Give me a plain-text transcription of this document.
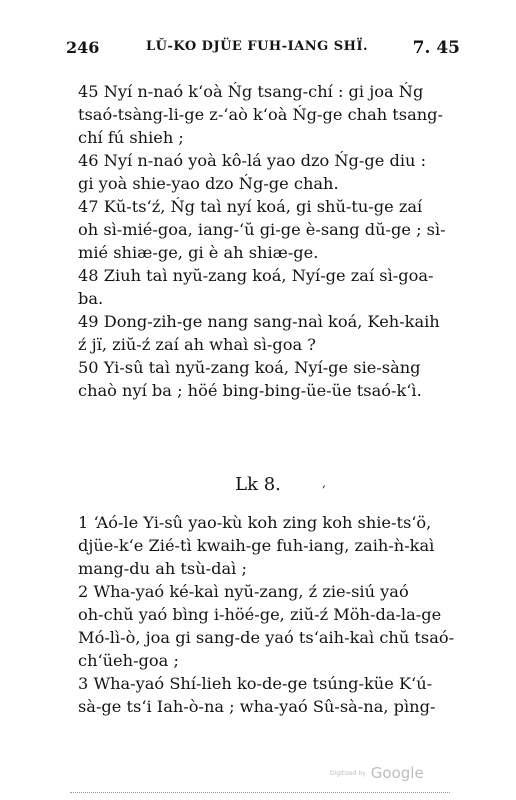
246	LŬ-KO DJÜE FUH-IANG SHÏ.	7. 45

45 Nyí n-naó k‘oà Ńg tsang-chí : gi joa Ńg

tsaó-tsàng-li-ge z-‘aò k‘oà Ńg-ge chah tsang-

chí fú shieh ;

46 Nyí n-naó yoà kô-lá yao dzo Ńg-ge diu :

gi yoà shie-yao dzo Ńg-ge chah.

47 Kŭ-ts‘ź, Ńg taì nyí koá, gi shŭ-tu-ge zaí

oh sì-mié-goa, iang-‘ŭ gi-ge è-sang dŭ-ge ; sì-

mié shiæ-ge, gi è ah shiæ-ge.

48 Ziuh taì nyŭ-zang koá, Nyí-ge zaí sì-goa-

ba.

49 Dong-zih-ge nang sang-naì koá, Keh-kaih

ź jï, ziŭ-ź zaí ah whaì sì-goa ?

50 Yi-sû taì nyŭ-zang koá, Nyí-ge sie-sàng

chaò nyí ba ; höé bing-bing-üe-üe tsaó-k‘ì.

Lk 8.	‚

1 ‘Aó-le Yi-sû yao-kù koh zing koh shie-ts‘ö,

djüe-k‘e Zié-tì kwaih-ge fuh-iang, zaih-ǹ-kaì

mang-du ah tsù-daì ;

2 Wha-yaó ké-kaì nyŭ-zang, ź zie-siú yaó

oh-chŭ yaó bìng i-höé-ge, ziŭ-ź Möh-da-la-ge

Mó-lì-ò, joa gi sang-de yaó ts‘aih-kaì chŭ tsaó-

ch‘üeh-goa ;

3 Wha-yaó Shí-lieh ko-de-ge tsúng-küe K‘ú-

sà-ge ts‘i Iah-ò-na ; wha-yaó Sû-sà-na, pìng-

Digitized by Google
